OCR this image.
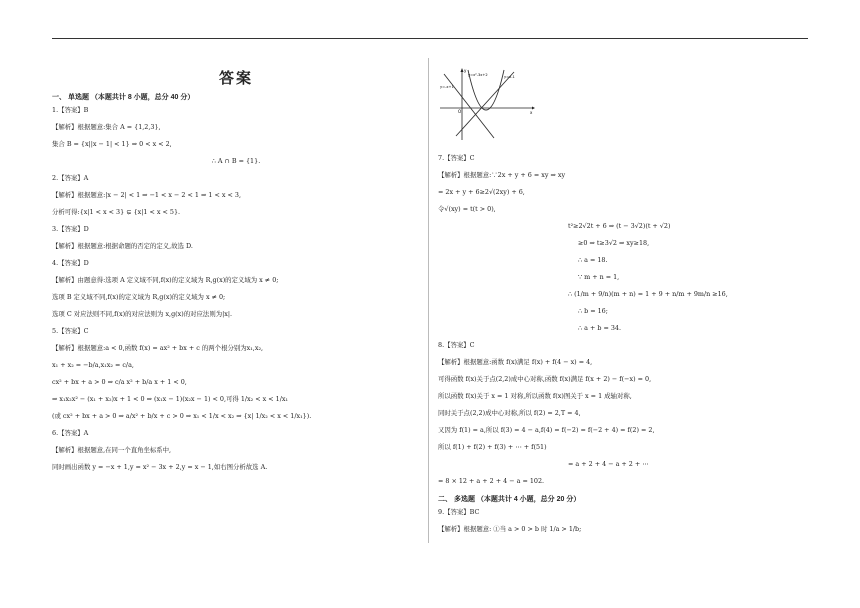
答案
一、 单选题 （本题共计 8 小题，总分 40 分）
1.【答案】B
【解析】根据题意:集合 A = {1,2,3},
集合 B = {x||x − 1| < 1} ⇒ 0 < x < 2,
∴ A ∩ B = {1}.
2.【答案】A
【解析】根据题意:|x − 2| < 1 ⇒ −1 < x − 2 < 1 ⇒ 1 < x < 3,
分析可得:{x|1 < x < 3} ⊊ {x|1 < x < 5}.
3.【答案】D
【解析】根据题意:根据命题的否定的定义,故选 D.
4.【答案】D
【解析】由题意得:选项 A 定义域不同,f(x)的定义域为 R,g(x)的定义域为 x ≠ 0;
选项 B 定义域不同,f(x)的定义域为 R,g(x)的定义域为 x ≠ 0;
选项 C 对应法则不同,f(x)的对应法则为 x,g(x)的对应法则为|x|.
5.【答案】C
【解析】根据题意:a < 0,函数 f(x) = ax² + bx + c 的两个根分别为x₁,x₂,
x₁ + x₂ = −b/a,x₁x₂ = c/a,
cx² + bx + a > 0 ⇒ c/a x² + b/a x + 1 < 0,
⇒ x₁x₂x² − (x₁ + x₂)x + 1 < 0 ⇒ (x₁x − 1)(x₂x − 1) < 0,可得 1/x₂ < x < 1/x₁
(或 cx² + bx + a > 0 ⇒ a/x² + b/x + c > 0 ⇒ x₁ < 1/x < x₂ ⇒ {x| 1/x₂ < x < 1/x₁}).
6.【答案】A
【解析】根据题意,在同一个直角坐标系中,
同时画出函数 y = −x + 1,y = x² − 3x + 2,y = x − 1,如右图分析故选 A.
y=-x+1
y=x²-3x+2	y=x-1
y
x
O
7.【答案】C
【解析】根据题意:∵2x + y + 6 = xy ⇒ xy
= 2x + y + 6≥2√(2xy) + 6,
令√(xy) = t(t > 0),
t²≥2√2t + 6 ⇒ (t − 3√2)(t + √2)
≥0 ⇒ t≥3√2 ⇒ xy≥18,
∴ a = 18.
∵ m + n = 1,
∴ (1/m + 9/n)(m + n) = 1 + 9 + n/m + 9m/n ≥16,
∴ b = 16;
∴ a + b = 34.
8.【答案】C
【解析】根据题意:函数 f(x)满足 f(x) + f(4 − x) = 4,
可得函数 f(x)关于点(2,2)成中心对称,函数 f(x)满足 f(x + 2) − f(−x) = 0,
所以函数 f(x)关于 x = 1 对称,所以函数 f(x)图关于 x = 1 成轴对称,
同时关于点(2,2)成中心对称,所以 f(2) = 2,T = 4,
又因为 f(1) = a,所以 f(3) = 4 − a,f(4) = f(−2) = f(−2 + 4) = f(2) = 2,
所以 f(1) + f(2) + f(3) + ⋯ + f(51)
= a + 2 + 4 − a + 2 + ⋯
= 8 × 12 + a + 2 + 4 − a = 102.
二、 多选题 （本题共计 4 小题，总分 20 分）
9.【答案】BC
【解析】根据题意: ①当 a > 0 > b 时 1/a > 1/b;
